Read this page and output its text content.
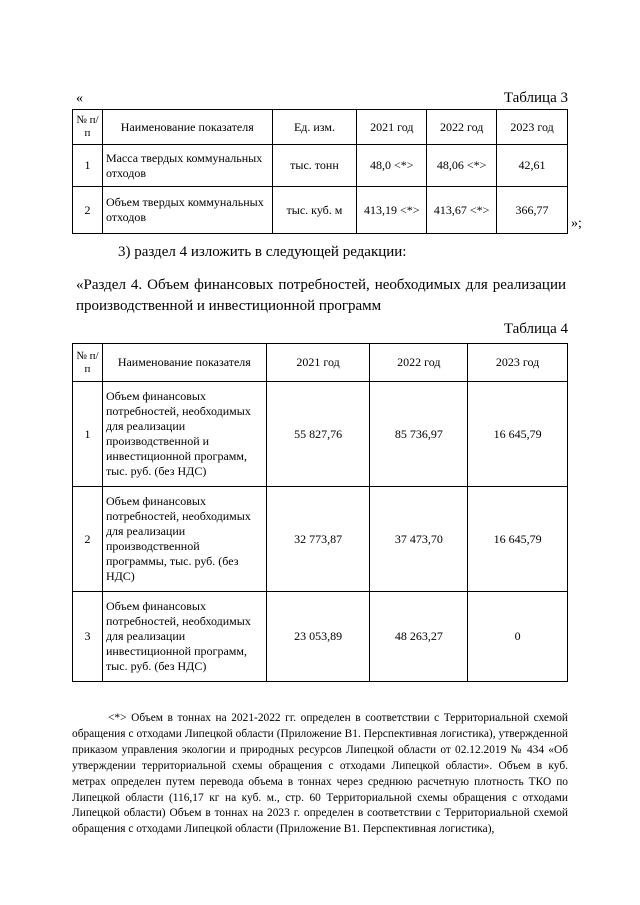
«	Таблица 3
№ п/п	Наименование показателя	Ед. изм.	2021 год	2022 год	2023 год
1	Масса твердых коммунальных отходов	тыс. тонн	48,0 <*>	48,06 <*>	42,61
2	Объем твердых коммунальных отходов	тыс. куб. м	413,19 <*>	413,67 <*>	366,77
»;
3) раздел 4 изложить в следующей редакции:
«Раздел 4. Объем финансовых потребностей, необходимых для реализации производственной и инвестиционной программ
Таблица 4
№ п/п	Наименование показателя	2021 год	2022 год	2023 год
1	Объем финансовых потребностей, необходимых для реализации производственной и инвестиционной программ, тыс. руб. (без НДС)	55 827,76	85 736,97	16 645,79
2	Объем финансовых потребностей, необходимых для реализации производственной программы, тыс. руб. (без НДС)	32 773,87	37 473,70	16 645,79
3	Объем финансовых потребностей, необходимых для реализации инвестиционной программ, тыс. руб. (без НДС)	23 053,89	48 263,27	0

<*> Объем в тоннах на 2021-2022 гг. определен в соответствии с Территориальной схемой обращения с отходами Липецкой области (Приложение В1. Перспективная логистика), утвержденной приказом управления экологии и природных ресурсов Липецкой области от 02.12.2019 № 434 «Об утверждении территориальной схемы обращения с отходами Липецкой области». Объем в куб. метрах определен путем перевода объема в тоннах через среднюю расчетную плотность ТКО по Липецкой области (116,17 кг на куб. м., стр. 60 Территориальной схемы обращения с отходами Липецкой области) Объем в тоннах на 2023 г. определен в соответствии с Территориальной схемой обращения с отходами Липецкой области (Приложение В1. Перспективная логистика),
